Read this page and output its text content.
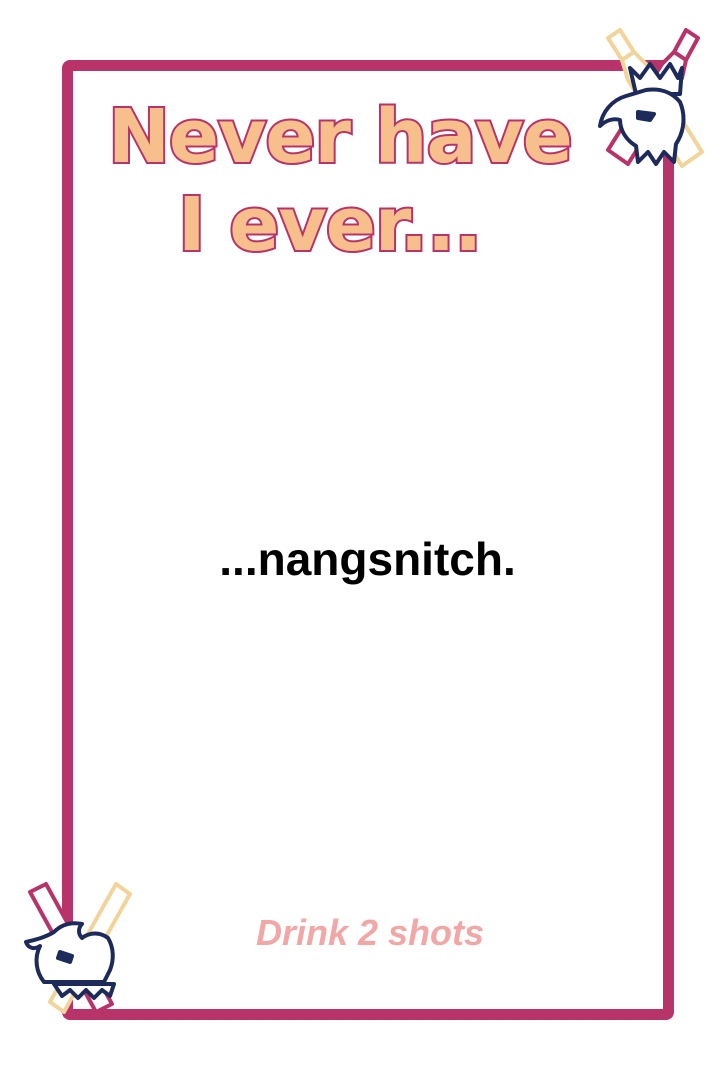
Never have
I ever...
...nangsnitch.
Drink 2 shots
